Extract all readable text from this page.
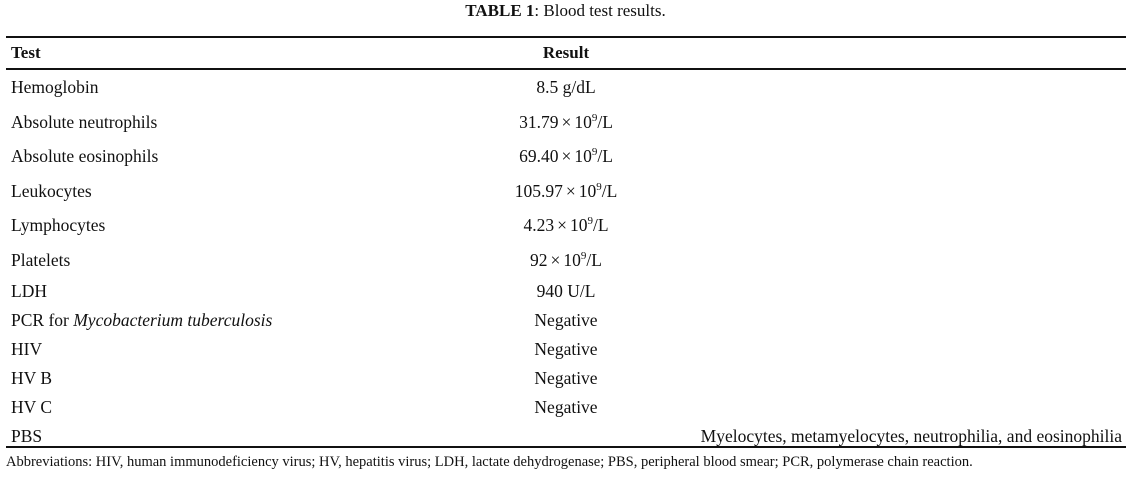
TABLE 1: Blood test results.
Test	Result
Hemoglobin	8.5 g/dL
Absolute neutrophils	$31.79 \times 10^9/L$
Absolute eosinophils	$69.40 \times 10^9/L$
Leukocytes	$105.97 \times 10^9/L$
Lymphocytes	$4.23 \times 10^9/L$
Platelets	$92 \times 10^9/L$
LDH	940 U/L
PCR for Mycobacterium tuberculosis	Negative
HIV	Negative
HV B	Negative
HV C	Negative
PBS	Myelocytes, metamyelocytes, neutrophilia, and eosinophilia
Abbreviations: HIV, human immunodeficiency virus; HV, hepatitis virus; LDH, lactate dehydrogenase; PBS, peripheral blood smear; PCR, polymerase chain reaction.
